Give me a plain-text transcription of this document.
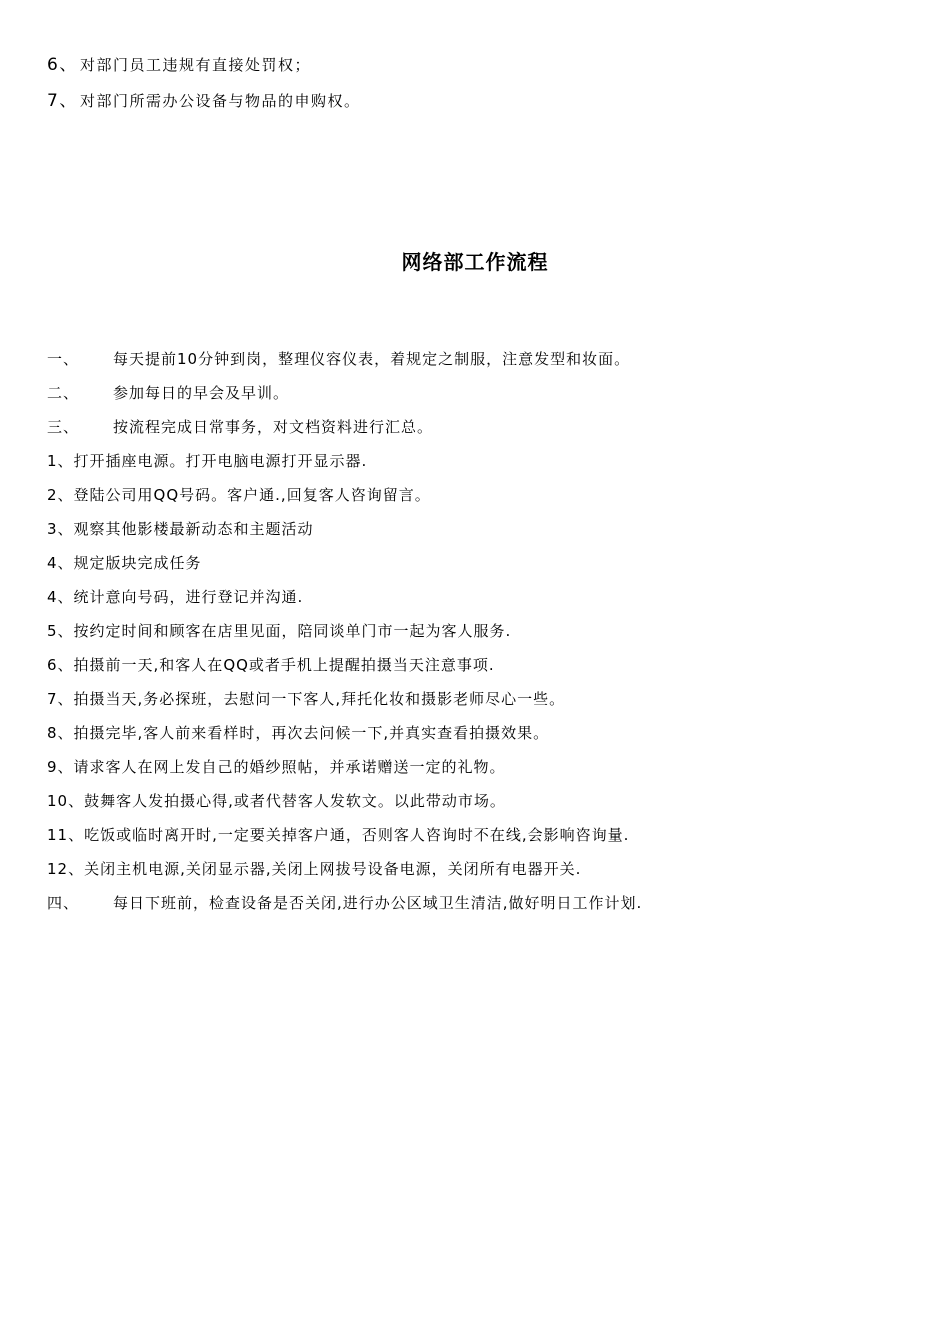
6、 对部门员工违规有直接处罚权；
7、 对部门所需办公设备与物品的申购权。
网络部工作流程
一、	每天提前10分钟到岗，整理仪容仪表，着规定之制服，注意发型和妆面。
二、	参加每日的早会及早训。
三、	按流程完成日常事务，对文档资料进行汇总。
1、打开插座电源。打开电脑电源打开显示器.
2、登陆公司用QQ号码。客户通.,回复客人咨询留言。
3、观察其他影楼最新动态和主题活动
4、规定版块完成任务
4、统计意向号码，进行登记并沟通.
5、按约定时间和顾客在店里见面，陪同谈单门市一起为客人服务.
6、拍摄前一天,和客人在QQ或者手机上提醒拍摄当天注意事项.
7、拍摄当天,务必探班，去慰问一下客人,拜托化妆和摄影老师尽心一些。
8、拍摄完毕,客人前来看样时，再次去问候一下,并真实查看拍摄效果。
9、请求客人在网上发自己的婚纱照帖，并承诺赠送一定的礼物。
10、鼓舞客人发拍摄心得,或者代替客人发软文。以此带动市场。
11、吃饭或临时离开时,一定要关掉客户通，否则客人咨询时不在线,会影响咨询量.
12、关闭主机电源,关闭显示器,关闭上网拔号设备电源，关闭所有电器开关.
四、	每日下班前，检查设备是否关闭,进行办公区域卫生清洁,做好明日工作计划.
